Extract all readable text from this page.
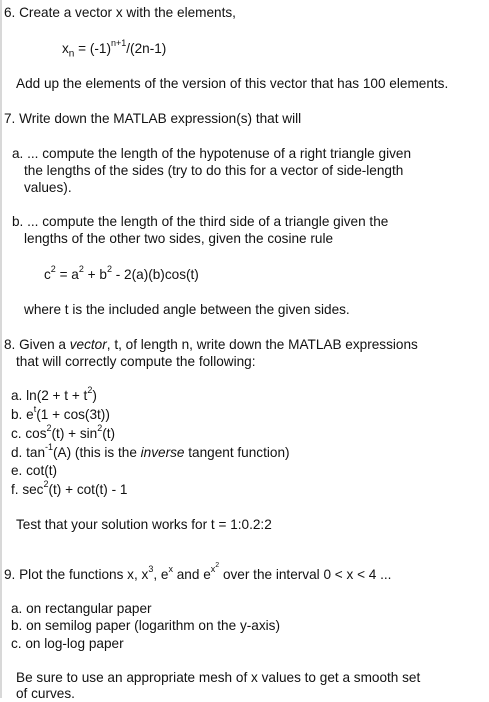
6. Create a vector x with the elements,
$x_n = (-1)^{n+1}/(2n-1)$
Add up the elements of the version of this vector that has 100 elements.
7. Write down the MATLAB expression(s) that will
a. ... compute the length of the hypotenuse of a right triangle given
the lengths of the sides (try to do this for a vector of side-length
values).
b. ... compute the length of the third side of a triangle given the
lengths of the other two sides, given the cosine rule
$c^2 = a^2 + b^2 - 2(a)(b)\cos(t)$
where t is the included angle between the given sides.
8. Given a vector, t, of length n, write down the MATLAB expressions
that will correctly compute the following:
a. $\ln(2 + t + t^2)$
b. $e^t(1 + \cos(3t))$
c. $\cos^2(t) + \sin^2(t)$
d. $\tan^{-1}(A)$ (this is the inverse tangent function)
e. cot(t)
f. $\sec^2(t) + \cot(t) - 1$
Test that your solution works for t = 1:0.2:2
9. Plot the functions x, $x^3$, $e^x$ and $e^{x^2}$ over the interval 0 < x < 4 ...
a. on rectangular paper
b. on semilog paper (logarithm on the y-axis)
c. on log-log paper
Be sure to use an appropriate mesh of x values to get a smooth set
of curves.
